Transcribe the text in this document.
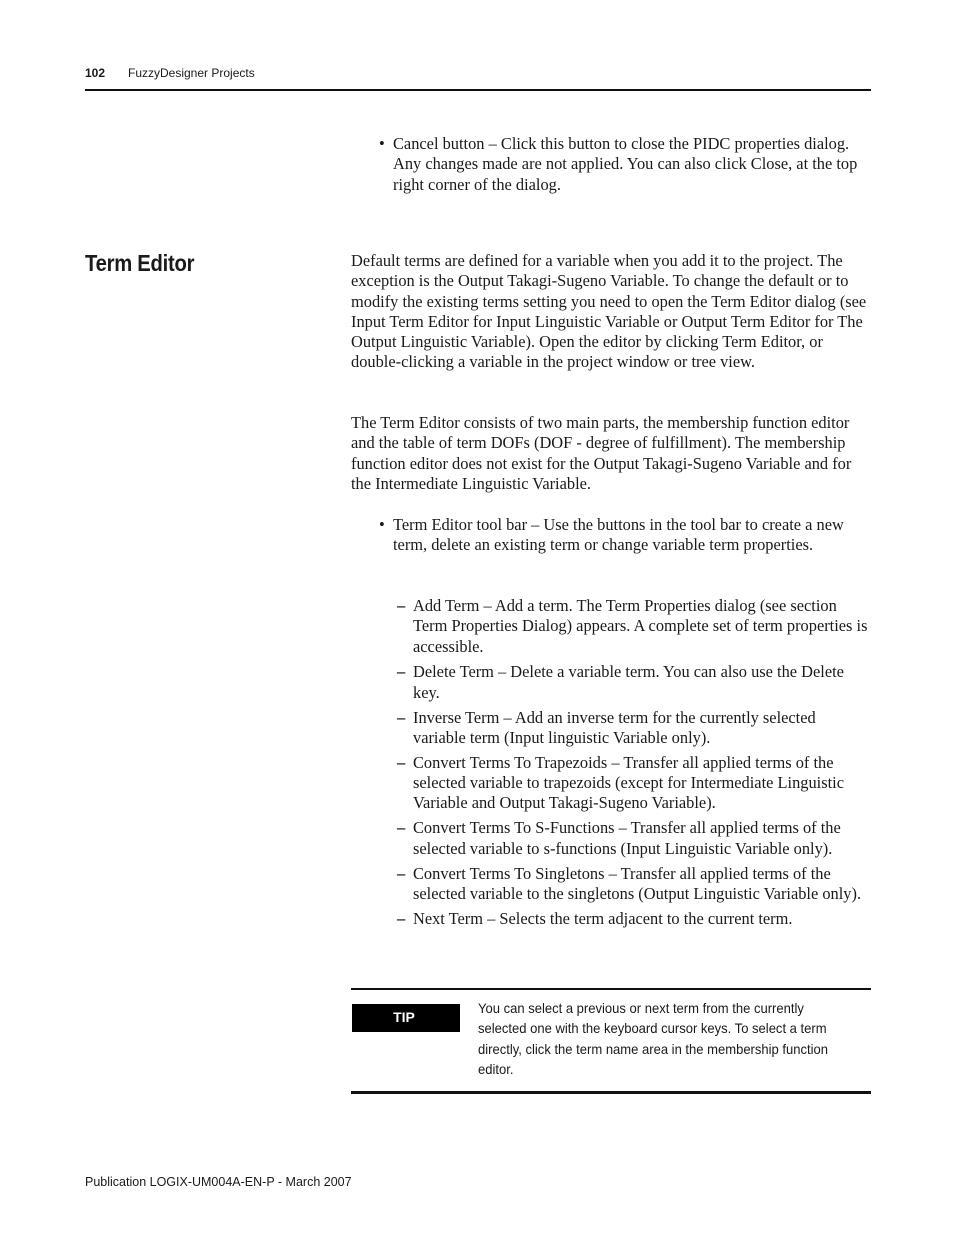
102 FuzzyDesigner Projects
• Cancel button – Click this button to close the PIDC properties dialog. Any changes made are not applied. You can also click Close, at the top right corner of the dialog.
Term Editor	Default terms are defined for a variable when you add it to the project. The exception is the Output Takagi-Sugeno Variable. To change the default or to modify the existing terms setting you need to open the Term Editor dialog (see Input Term Editor for Input Linguistic Variable or Output Term Editor for The Output Linguistic Variable). Open the editor by clicking Term Editor, or double-clicking a variable in the project window or tree view.

The Term Editor consists of two main parts, the membership function editor and the table of term DOFs (DOF - degree of fulfillment). The membership function editor does not exist for the Output Takagi-Sugeno Variable and for the Intermediate Linguistic Variable.

• Term Editor tool bar – Use the buttons in the tool bar to create a new term, delete an existing term or change variable term properties.
– Add Term – Add a term. The Term Properties dialog (see section Term Properties Dialog) appears. A complete set of term properties is accessible.
– Delete Term – Delete a variable term. You can also use the Delete key.
– Inverse Term – Add an inverse term for the currently selected variable term (Input linguistic Variable only).
– Convert Terms To Trapezoids – Transfer all applied terms of the selected variable to trapezoids (except for Intermediate Linguistic Variable and Output Takagi-Sugeno Variable).
– Convert Terms To S-Functions – Transfer all applied terms of the selected variable to s-functions (Input Linguistic Variable only).
– Convert Terms To Singletons – Transfer all applied terms of the selected variable to the singletons (Output Linguistic Variable only).
– Next Term – Selects the term adjacent to the current term.
TIP
You can select a previous or next term from the currently selected one with the keyboard cursor keys. To select a term directly, click the term name area in the membership function editor.
Publication LOGIX-UM004A-EN-P - March 2007
